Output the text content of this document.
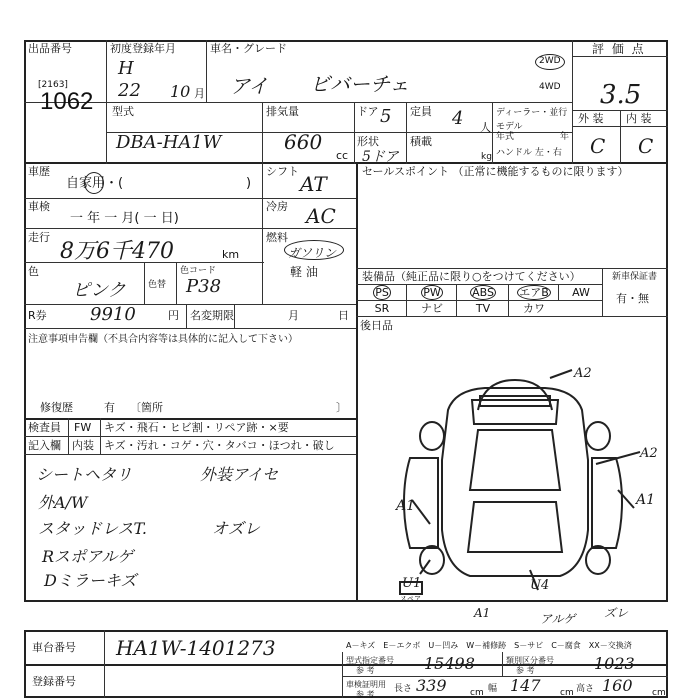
出品番号
[2163]
1062
初度登録年月
H
22 10 月
車名・グレード
アイ ビバーチェ
2WD
4WD
評 価 点
3.5
外 装 内 装
C C
型式
DBA-HA1W
排気量
660
cc
ドア 5
形状
5ドア
定員 4 人
積載
kg
ディーラー・並行
モデル
年式	年
ハンドル 左・右
車歴
自家用・(	)
シフト
AT
車検
一 年 一 月( 一 日)
冷房 AC
走行
8万6千470	km
燃料
ガソリン
軽 油
色
ピンク 色替
色コード
P38
R券 9910	円 名変期限	月	日
注意事項申告欄（不具合内容等は具体的に記入して下さい）
修復歴	有 〔箇所	〕
セールスポイント （正常に機能するものに限ります）
装備品（純正品に限り○をつけてください）	新車保証書
有・無
PS	PW	ABS	エアB	AW
SR	ナビ	TV	カワ
後日品
検査員
記入欄
FW キズ・飛石・ヒビ割・リペア跡・×要
内装 キズ・汚れ・コゲ・穴・タバコ・ほつれ・破し
シートヘタリ
外A/W
スタッドレスT.
Rスポアルゲ
Dミラーキズ
外装アイセ
オズレ
A2
A2
A1	A1
U1	U4
A1	アルゲ ズレ
スペア
A－キズ　E－エクボ　U－凹み　W－補修跡　S－サビ　C－腐食　XX－交換済
車台番号 HA1W-1401273
登録番号
型式指定番号
参 考	15498	類別区分番号
参 考	1023
車検証明用
参 考
長さ 339	cm 幅 147 cm 高さ 160 cm
